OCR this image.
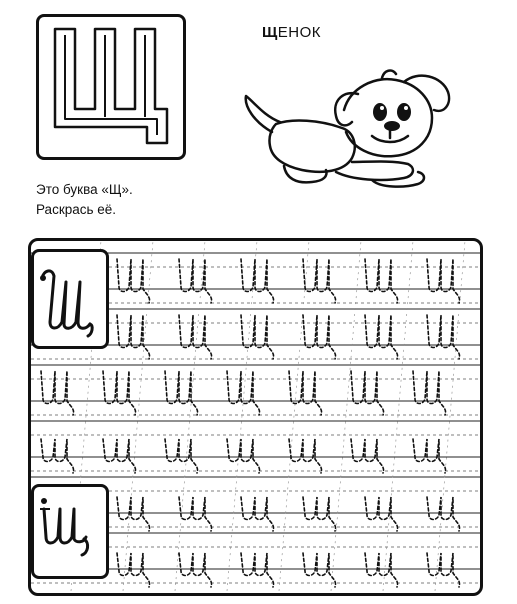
ЩЕНОК
Это буква «Щ».
Раскрась её.
